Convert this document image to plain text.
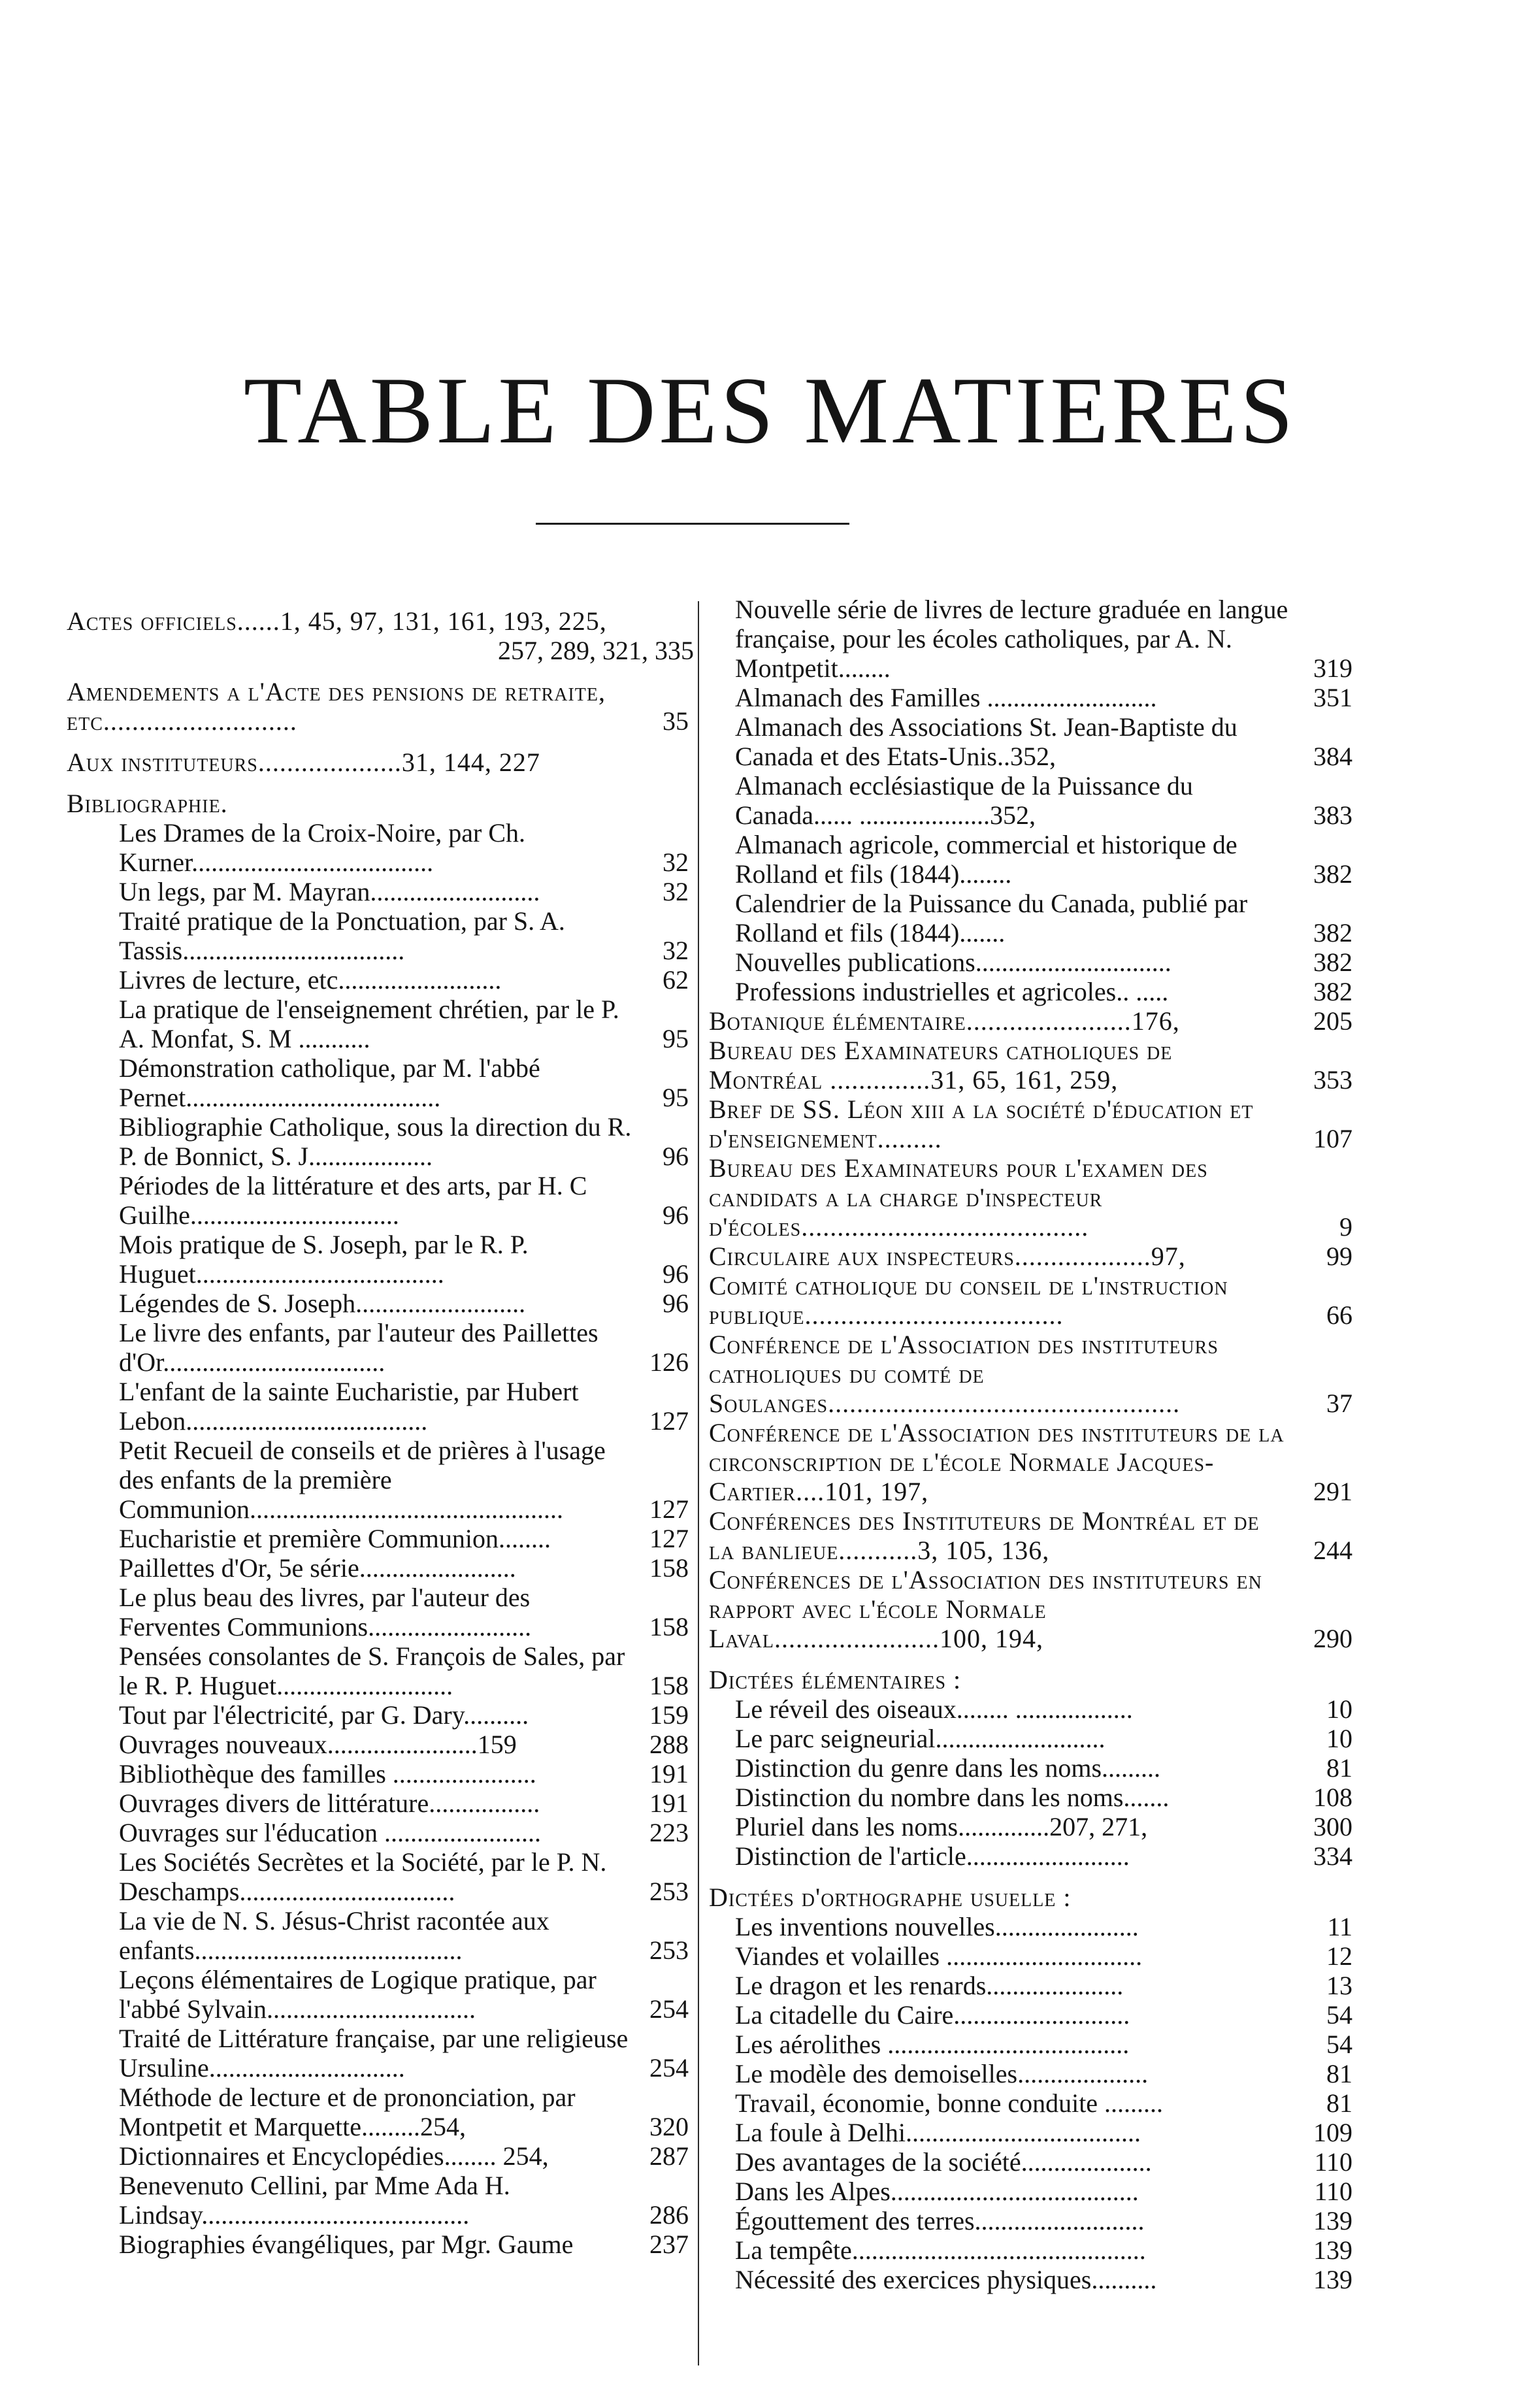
TABLE DES MATIERES
Actes officiels......1, 45, 97, 131, 161, 193, 225,
257, 289, 321, 335
Amendements a l'Acte des pensions de retraite, etc...........................	35
Aux instituteurs....................31, 144, 227
Bibliographie.
Les Drames de la Croix-Noire, par Ch. Kurner.....................................	32
Un legs, par M. Mayran..........................	32
Traité pratique de la Ponctuation, par S. A. Tassis..................................	32
Livres de lecture, etc.........................	62
La pratique de l'enseignement chrétien, par le P. A. Monfat, S. M ...........	95
Démonstration catholique, par M. l'abbé Pernet.......................................	95
Bibliographie Catholique, sous la direction du R. P. de Bonnict, S. J...................	96
Périodes de la littérature et des arts, par H. C Guilhe................................	96
Mois pratique de S. Joseph, par le R. P. Huguet......................................	96
Légendes de S. Joseph..........................	96
Le livre des enfants, par l'auteur des Paillettes d'Or..................................	126
L'enfant de la sainte Eucharistie, par Hubert Lebon.....................................	127
Petit Recueil de conseils et de prières à l'usage des enfants de la première Communion................................................	127
Eucharistie et première Communion........	127
Paillettes d'Or, 5e série........................	158
Le plus beau des livres, par l'auteur des Ferventes Communions.........................	158
Pensées consolantes de S. François de Sales, par le R. P. Huguet...........................	158
Tout par l'électricité, par G. Dary..........	159
Ouvrages nouveaux.......................159	288
Bibliothèque des familles ......................	191
Ouvrages divers de littérature.................	191
Ouvrages sur l'éducation ........................	223
Les Sociétés Secrètes et la Société, par le P. N. Deschamps.................................	253
La vie de N. S. Jésus-Christ racontée aux enfants.........................................	253
Leçons élémentaires de Logique pratique, par l'abbé Sylvain................................	254
Traité de Littérature française, par une religieuse Ursuline..............................	254
Méthode de lecture et de prononciation, par Montpetit et Marquette.........254,	320
Dictionnaires et Encyclopédies........ 254,	287
Benevenuto Cellini, par Mme Ada H. Lindsay.........................................	286
Biographies évangéliques, par Mgr. Gaume	237
Nouvelle série de livres de lecture graduée en langue française, pour les écoles catholiques, par A. N. Montpetit........	319
Almanach des Familles ..........................	351
Almanach des Associations St. Jean-Baptiste du Canada et des Etats-Unis..352,	384
Almanach ecclésiastique de la Puissance du Canada...... ....................352,	383
Almanach agricole, commercial et historique de Rolland et fils (1844)........	382
Calendrier de la Puissance du Canada, publié par Rolland et fils (1844).......	382
Nouvelles publications..............................	382
Professions industrielles et agricoles.. .....	382
Botanique élémentaire.......................176,	205
Bureau des Examinateurs catholiques de Montréal ..............31, 65, 161, 259,	353
Bref de SS. Léon xiii a la société d'éducation et d'enseignement.........	107
Bureau des Examinateurs pour l'examen des candidats a la charge d'inspecteur d'écoles........................................	9
Circulaire aux inspecteurs...................97,	99
Comité catholique du conseil de l'instruction publique....................................	66
Conférence de l'Association des instituteurs catholiques du comté de Soulanges.................................................	37
Conférence de l'Association des instituteurs de la circonscription de l'école Normale Jacques-Cartier....101, 197,	291
Conférences des Instituteurs de Montréal et de la banlieue...........3, 105, 136,	244
Conférences de l'Association des instituteurs en rapport avec l'école Normale Laval.......................100, 194,	290
Dictées élémentaires :
Le réveil des oiseaux........ ..................	10
Le parc seigneurial..........................	10
Distinction du genre dans les noms.........	81
Distinction du nombre dans les noms.......	108
Pluriel dans les noms..............207, 271,	300
Distinction de l'article.........................	334
Dictées d'orthographe usuelle :
Les inventions nouvelles......................	11
Viandes et volailles ..............................	12
Le dragon et les renards.....................	13
La citadelle du Caire...........................	54
Les aérolithes .....................................	54
Le modèle des demoiselles....................	81
Travail, économie, bonne conduite .........	81
La foule à Delhi....................................	109
Des avantages de la société....................	110
Dans les Alpes......................................	110
Égouttement des terres..........................	139
La tempête.............................................	139
Nécessité des exercices physiques..........	139
